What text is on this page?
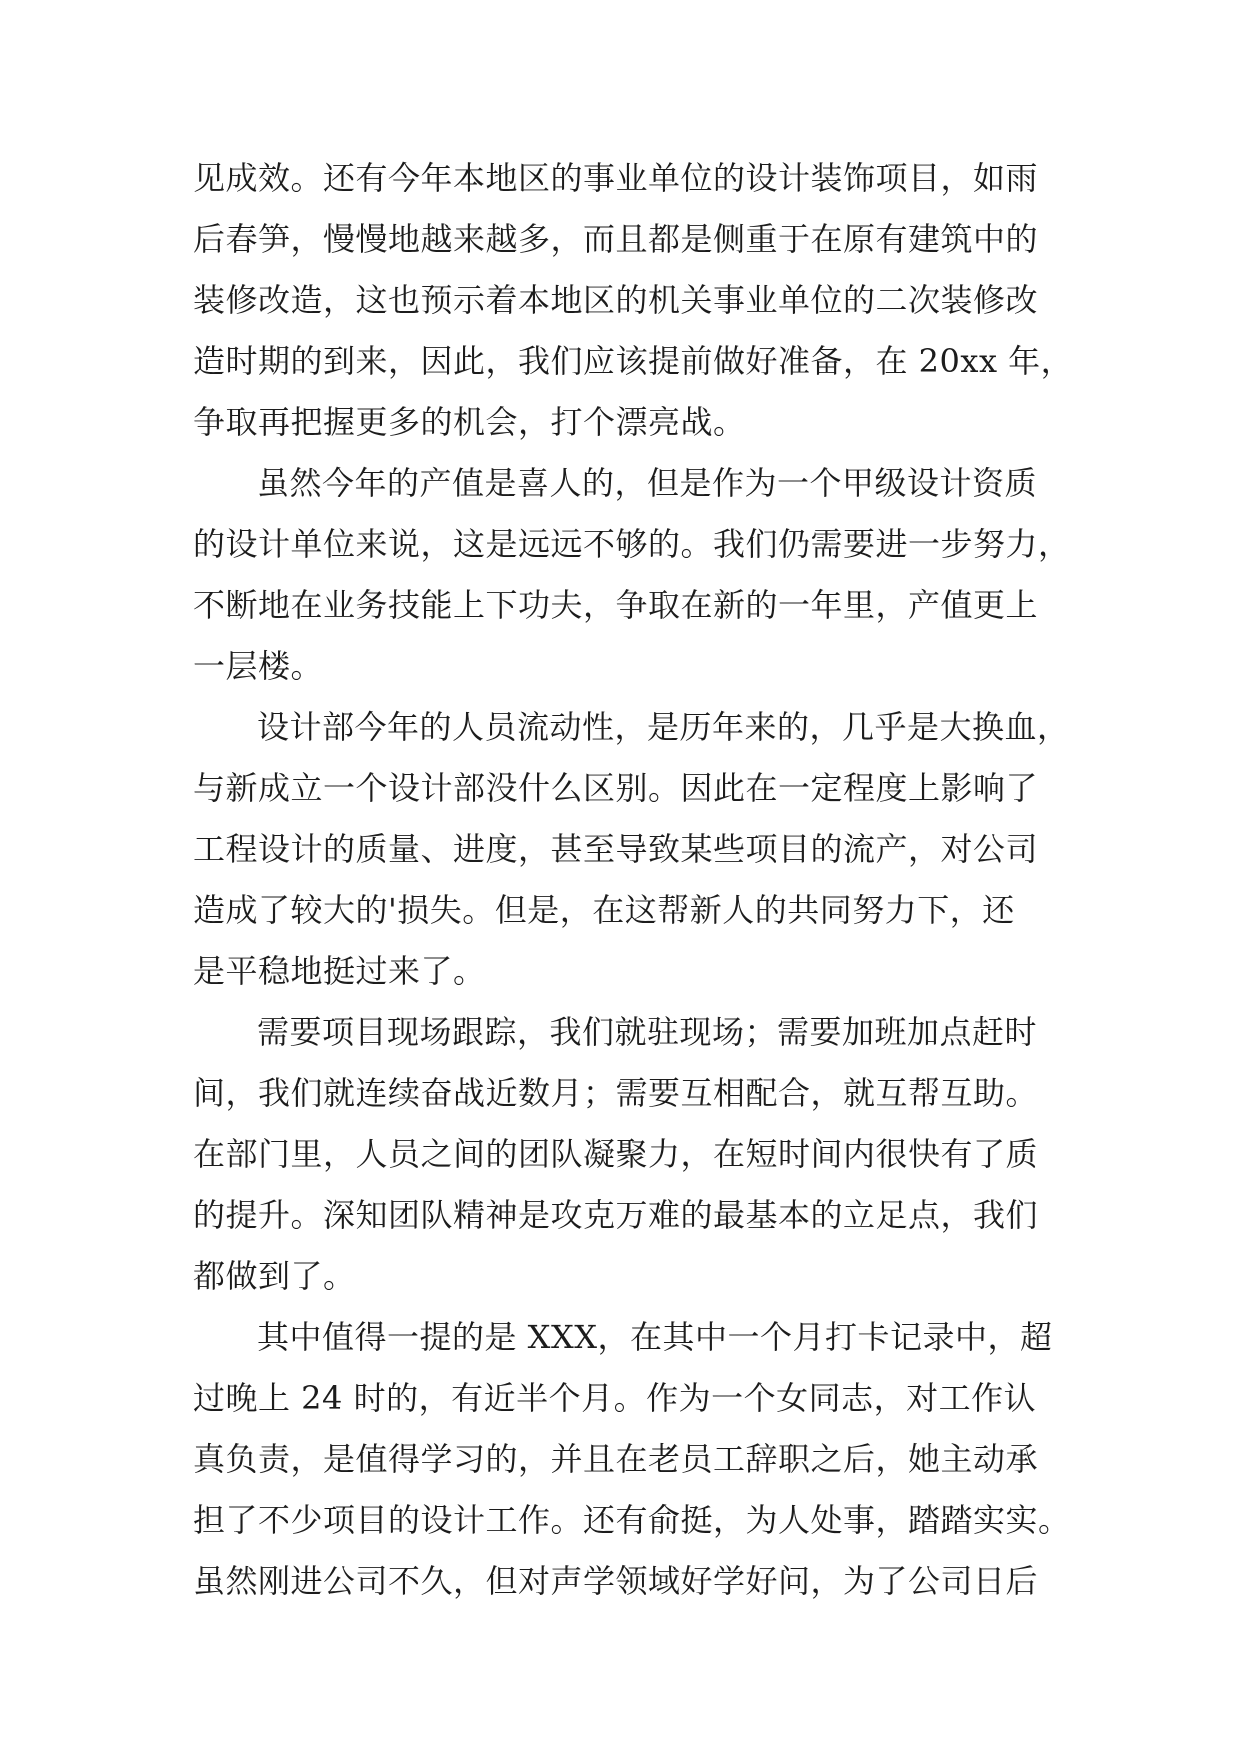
见成效。还有今年本地区的事业单位的设计装饰项目，如雨
后春笋，慢慢地越来越多，而且都是侧重于在原有建筑中的
装修改造，这也预示着本地区的机关事业单位的二次装修改
造时期的到来，因此，我们应该提前做好准备，在 20xx 年，
争取再把握更多的机会，打个漂亮战。
虽然今年的产值是喜人的，但是作为一个甲级设计资质
的设计单位来说，这是远远不够的。我们仍需要进一步努力，
不断地在业务技能上下功夫，争取在新的一年里，产值更上
一层楼。
设计部今年的人员流动性，是历年来的，几乎是大换血，
与新成立一个设计部没什么区别。因此在一定程度上影响了
工程设计的质量、进度，甚至导致某些项目的流产，对公司
造成了较大的'损失。但是，在这帮新人的共同努力下，还
是平稳地挺过来了。
需要项目现场跟踪，我们就驻现场；需要加班加点赶时
间，我们就连续奋战近数月；需要互相配合，就互帮互助。
在部门里，人员之间的团队凝聚力，在短时间内很快有了质
的提升。深知团队精神是攻克万难的最基本的立足点，我们
都做到了。
其中值得一提的是 XXX，在其中一个月打卡记录中，超
过晚上 24 时的，有近半个月。作为一个女同志，对工作认
真负责，是值得学习的，并且在老员工辞职之后，她主动承
担了不少项目的设计工作。还有俞挺，为人处事，踏踏实实。
虽然刚进公司不久，但对声学领域好学好问，为了公司日后
